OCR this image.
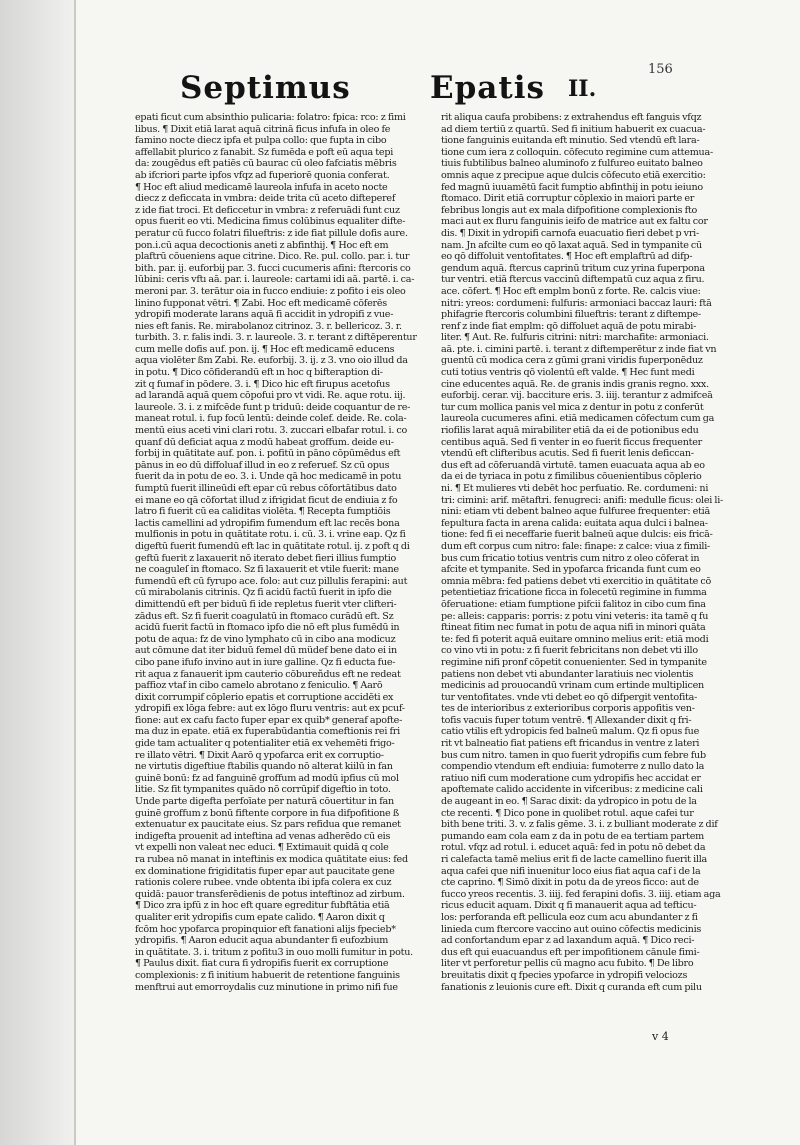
156
Septimus	Epatis II.
epati ficut cum absinthio pulicaria: folatro: fpica: rco: z fimi
libus. ¶ Dixit etiā larat aquā citrinā ficus infufa in oleo fe
famino nocte diecz ipfa et pulpa collo: que fupta in cibo
affellabit plurico z fanabit. Sz fumēda e poft eū aqua tepi
da: zougēdus eft patiēs cū baurac cū oleo fafciatis mēbris
ab ifcriori parte ipfos vfqz ad fuperiorē quonia conferat.
¶ Hoc eft aliud medicamē laureola infufa in aceto nocte
diecz z deficcata in vmbra: deide trita cū aceto difteperef
z ide fiat troci. Et deficcetur in vmbra: z referuādi funt cuz
opus fuerit eo vti. Medicina fimus colūbinus equaliter difte-
peratur cū fucco folatri filueftris: z ide fiat pillule dofis aure.
pon.i.cū aqua decoctionis aneti z abfinthij. ¶ Hoc eft em
plaftrū cōueniens aque citrine. Dico. Re. pul. collo. par. i. tur
bith. par. ij. euforbij par. 3. fucci cucumeris afini: ftercoris co
lūbini: ceris vftı aā. par. i. laureole: cartami idi aā. partē. i. ca-
meroni par. 3. terātur oia in fucco endiuie: z pofito i eis oleo
linino fupponat vētri. ¶ Zabi. Hoc eft medicamē cōferēs
ydropifi moderate larans aquā fi accidit in ydropifi z vue-
nies eft fanis. Re. mirabolanoz citrinoz. 3. r. bellericoz. 3. r.
turbith. 3. r. falis indi. 3. r. laureole. 3. r. terant z diftēperentur
cum melle dofis auf. pon. ij. ¶ Hoc eft medicamē educens
aqua violēter ßm Zabi. Re. euforbij. 3. ij. z 3. vno oio illud da
in potu. ¶ Dico cōfiderandū eft ın hoc q bifteraption di-
zit q fumaf in pōdere. 3. i. ¶ Dico hic eft firupus acetofus
ad larandā aquā quem cōpofui pro vt vidi. Re. aque rotu. iij.
laureole. 3. i. z mifcēde funt p triduū: deide coquantur de re-
maneat rotul. i. fup focū lentū: deinde colef. deide. Re. cola-
mentū eius aceti vini clari rotu. 3. zuccari elbafar rotul. i. co
quanf dū deficiat aqua z modū habeat groffum. deide eu-
forbij in quātitate auf. pon. i. pofitū in pāno cōpūmēdus eft
pānus in eo dū diffoluaf illud in eo z referuef. Sz cū opus
fuerit da in potu de eo. 3. i. Unde qā hoc medicamē in potu
fumptū fuerit illineūdi eft epar cū rebus cōfortātibus dato
ei mane eo qā cōfortat illud z ifrigidat ficut de endiuia z fo
latro fi fuerit cū ea caliditas violēta. ¶ Recepta fumptiōis
lactis camellini ad ydropifim fumendum eft lac recēs bona
mulfionis in potu in quātitate rotu. i. cū. 3. i. vrine eap. Qz fi
digeftū fuerit fumendū eft lac in quātitate rotul. ij. z poft q di
geftū fuerit z laxauerit nō iterato debet fieri illius fumptio
ne coaguleſ in ftomaco. Sz fi laxauerit et vtile fuerit: mane
fumendū eft cū fyrupo ace. folo: aut cuz pillulis ferapini: aut
cū mirabolanis citrinis. Qz fi acidū factū fuerit in ipfo die
dimittendū eft per biduū fi ide repletus fuerit vter clifteri-
zādus eft. Sz fi fuerit coagulatū in ftomaco curādū eft. Sz
acidū fuerit factū in ftomaco ipfo die nō eft plus fumēdū in
potu de aqua: fz de vino lymphato cū in cibo ana modicuz
aut cōmune dat iter biduū femel dū müdef bene dato ei in
cibo pane ifufo invino aut in iure galline. Qz fi educta fue-
rit aqua z fanauerit ipm cauterio cōbureñdus eft ne redeat
paffioz vtaf in cibo camelo abrotano z feniculio. ¶ Aarō
dixit corrumpif cōplerio epatis et corruptione accidēti ex
ydropifi ex lōga febre: aut ex lōgo fluru ventris: aut ex pcuf-
fione: aut ex cafu facto fuper epar ex quib* generaf apofte-
ma duz in epate. etiā ex fuperabūdantia comeftionis rei fri
gide tam actualiter q potentialiter etiā ex vehemēti frigo-
re illato vētri. ¶ Dixit Aarō q ypofarca erit ex corruptio-
ne virtutis digeftiue ftabilis quando nō alterat kiilū in fan
guinē bonū: fz ad fanguinē groffum ad modū ipfius cū mol
litie. Sz fit tympanites quādo nō corrūpif digeftio in toto.
Unde parte digefta perfoīate per naturā cōuertitur in fan
guinē groffum z bonū fiftente corpore in fua difpofitione ß
extenuatur ex paucitate eius. Sz pars refidua que remanet
indigefta prouenit ad inteftina ad venas adherēdo cū eis
vt expelli non valeat nec educi. ¶ Extimauit quidā q cole
ra rubea nō manat in inteftinis ex modica quātitate eius: fed
ex dominatione frigiditatis fuper epar aut paucitate gene
rationis colere rubee. vnde obtenta ibi ipfa colera ex cuz
quidā: pauor transferēdienis de potus inteftinoz ad zirbum.
¶ Dico zra ipfū z in hoc eft quare egreditur fubftātia etiā
qualiter erit ydropifis cum epate calido. ¶ Aaron dixit q
fcōm hoc ypofarca propinquior eft fanationi alijs fpecieb*
ydropifis. ¶ Aaron educit aqua abundanter fi eufozbium
in quātitate. 3. i. tritum z pofitu3 in ouo molli fumitur in potu.
¶ Paulus dixit. fiat cura fi ydropifis fuerit ex corruptione
complexionis: z fi initium habuerit de retentione fanguinis
menftrui aut emorroydalis cuz minutione in primo nifi fue
rit aliqua caufa probibens: z extrahendus eft fanguis vfqz
ad diem tertiū z quartū. Sed fi initium habuerit ex cuacua-
tione fanguinis euitanda eft minutio. Sed vtendū eft lara-
tione cum iera z colloquin. cōfecuto regimine cum attemua-
tiuis fubtilibus balneo aluminofo z fulfureo euitato balneo
omnis aque z precipue aque dulcis cōfecuto etiā exercitio:
fed magnū iuuamētū facit fumptio abfinthij in potu ieiuno
ftomaco. Dirit etiā corruptur cōplexio in maiori parte er
febribus longis aut ex mala difpofitione complexionis fto
maci aut ex fluru fanguinis ieifo de matrice aut ex faltu cor
dis. ¶ Dixit in ydropifi carnofa euacuatio fieri debet p vri-
nam. Jn afcilte cum eo qō laxat aquā. Sed in tympanite cū
eo qō diffoluit ventofitates. ¶ Hoc eft emplaftrū ad difp-
gendum aquā. ftercus caprinū tritum cuz yrina fuperpona
tur ventri. etiā ftercus vaccinū diftempatū cuz aqua z firu.
ace. cōfert. ¶ Hoc eft emplm bonū z forte. Re. calcis viue:
nitri: yreos: cordumeni: fulfuris: armoniaci baccaz lauri: ftā
phifagrie ftercoris columbini filueftris: terant z diftempe-
renf z inde fiat emplm: qō diffoluet aquā de potu mirabi-
liter. ¶ Aut. Re. fulfuris citrini: nitri: marchafite: armoniaci.
aā. pte. i. cimini partē. i. terant z diftemperētur z inde fiat vn
guentū cū modica cera z gūmi grani viridis fuperponēduz
cuti totius ventris qō violentū eft valde. ¶ Hec funt medi
cine educentes aquā. Re. de granis indis granis regno. xxx.
euforbij. cerar. vij. bacciture eris. 3. iiij. terantur z admifceā
tur cum mollica panis vel mica z dentur in potu z conferūt
laureola cucumeres afini. etiā medicamen cōfectum cum ga
riofilis larat aquā mirabiliter etiā da ei de potionibus edu
centibus aquā. Sed fi venter in eo fuerit ficcus frequenter
vtendū eft clifteribus acutis. Sed fi fuerit lenis deficcan-
dus eft ad cōferuandā virtutē. tamen euacuata aqua ab eo
da ei de tyriaca in potu z fimilibus cōuenientibus cōplerio
ni. ¶ Et mulieres vti debēt hoc perfuatio. Re. cordumeni: ni
tri: cimini: arif. mētaftri. fenugreci: anifi: medulle ficus: olei li-
nini: etiam vti debent balneo aque fulfuree frequenter: etiā
fepultura facta in arena calida: euitata aqua dulci i balnea-
tione: fed fi ei neceffarie fuerit balneū aque dulcis: eis fricā-
dum eft corpus cum nitro: fale: finape: z calce: viua z fimili-
bus cum fricatio totius ventris cum nitro z oleo cōferat in
afcite et tympanite. Sed in ypofarca fricanda funt cum eo
omnia mēbra: fed patiens debet vti exercitio in quātitate cō
petentietiaz fricatione ficca in folecetū regimine in fumma
ōferuatione: etiam fumptione pifcii falitoz in cibo cum fina
pe: alleis: capparis: porris: z potu vini veteris: ita tamē q fu
ftineat fitim nec fumat in potu de aqua nifi in minori quāta
te: fed fi poterit aquā euitare omnino melius erit: etiā modi
co vino vti in potu: z fi fuerit febricitans non debet vti illo
regimine nifi pronf cōpetit conuenienter. Sed in tympanite
patiens non debet vti abundanter laratiuis nec violentis
medicinis ad prouocandū vrinam cum ertinde multiplicen
tur ventofitates. vnde vti debet eo qō difpergit ventofita-
tes de interioribus z exterioribus corporis appofitis ven-
tofis vacuis fuper totum ventrē. ¶ Allexander dixit q fri-
catio vtilis eft ydropicis fed balneū malum. Qz fi opus fue
rit vt balneatio fiat patiens eft fricandus in ventre z lateri
bus cum nitro. tamen in quo fuerit ydropifis cum febre fub
compendio vtendum eft endiuia: fumoterre z nullo dato la
ratiuo nifi cum moderatione cum ydropifis hec accidat er
apoftemate calido accidente in vifceribus: z medicine cali
de augeant in eo. ¶ Sarac dixit: da ydropico in potu de la
cte recenti. ¶ Dico pone in quolibet rotul. aque cafei tur
bith bene triti. 3. v. z falis gēme. 3. i. z bulliant moderate z dif
pumando eam cola eam z da in potu de ea tertiam partem
rotul. vfqz ad rotul. i. educet aquā: fed in potu nō debet da
ri calefacta tamē melius erit fi de lacte camellino fuerit illa
aqua cafei que nifi inuenitur loco eius fiat aqua caf i de la
cte caprino. ¶ Simō dixit in potu da de yreos ficco: aut de
fucco yreos recentis. 3. iiij. fed ferapini dofis. 3. iiij. etiam aga
ricus educit aquam. Dixit q fi manauerit aqua ad tefticu-
los: perforanda eft pellicula eoz cum acu abundanter z fi
linieda cum ftercore vaccino aut ouino cōfectis medicinis
ad confortandum epar z ad laxandum aquā. ¶ Dico reci-
dus eft qui euacuandus eft per impofitionem cānule fimi-
liter vt perforetur pellis cū magno acu fubito. ¶ De libro
breuitatis dixit q fpecies ypofarce in ydropifi velociozs
fanationis z leuionis cure eft. Dixit q curanda eft cum pilu
v 4
